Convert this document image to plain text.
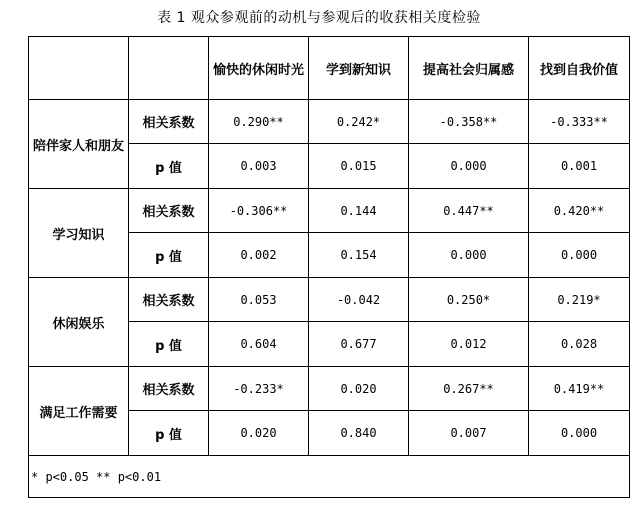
表 1 观众参观前的动机与参观后的收获相关度检验
		愉快的休闲时光	学到新知识	提高社会归属感	找到自我价值
陪伴家人和朋友	相关系数	0.290**	0.242*	-0.358**	-0.333**
	p 值	0.003	0.015	0.000	0.001
学习知识	相关系数	-0.306**	0.144	0.447**	0.420**
	p 值	0.002	0.154	0.000	0.000
休闲娱乐	相关系数	0.053	-0.042	0.250*	0.219*
	p 值	0.604	0.677	0.012	0.028
满足工作需要	相关系数	-0.233*	0.020	0.267**	0.419**
	p 值	0.020	0.840	0.007	0.000
* p<0.05 ** p<0.01					
